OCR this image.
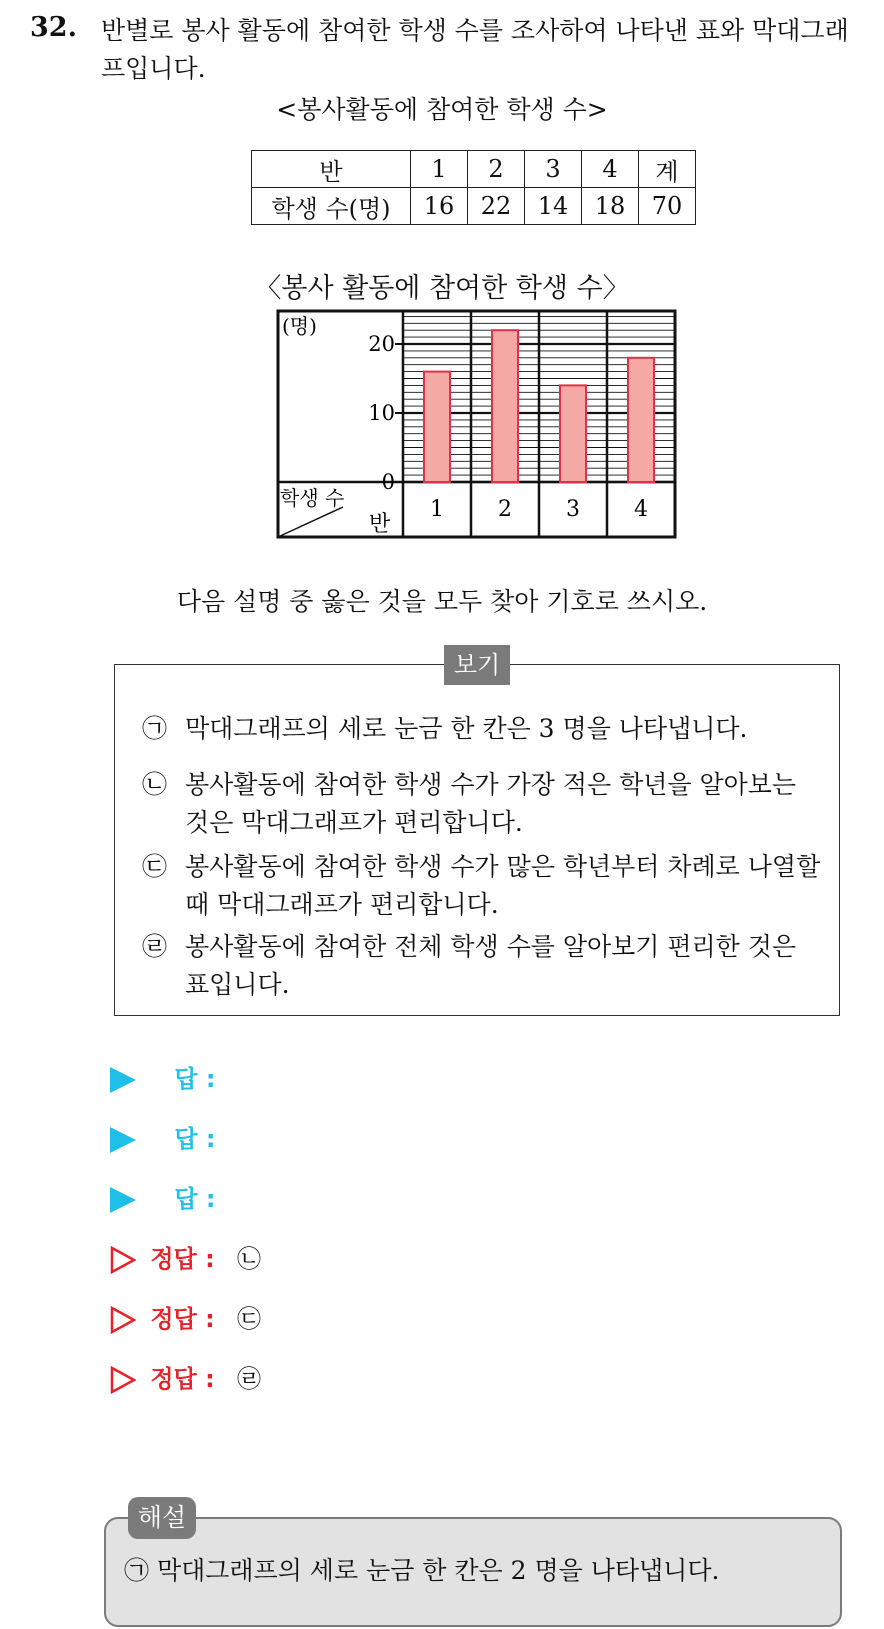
32. 반별로 봉사 활동에 참여한 학생 수를 조사하여 나타낸 표와 막대그래프입니다.
<봉사활동에 참여한 학생 수>
반	1	2	3	4	계
학생 수(명)	16	22	14	18	70
〈봉사 활동에 참여한 학생 수〉
(명)
0
10
20
1 2 3 4
학생 수
반
다음 설명 중 옳은 것을 모두 찾아 기호로 쓰시오.
보기
㉠ 막대그래프의 세로 눈금 한 칸은 3 명을 나타냅니다.
㉡ 봉사활동에 참여한 학생 수가 가장 적은 학년을 알아보는 것은 막대그래프가 편리합니다.
㉢ 봉사활동에 참여한 학생 수가 많은 학년부터 차례로 나열할 때 막대그래프가 편리합니다.
㉣ 봉사활동에 참여한 전체 학생 수를 알아보기 편리한 것은 표입니다.
답 :
답 :
답 :
정답 : ㉡
정답 : ㉢
정답 : ㉣
해설
㉠ 막대그래프의 세로 눈금 한 칸은 2 명을 나타냅니다.
